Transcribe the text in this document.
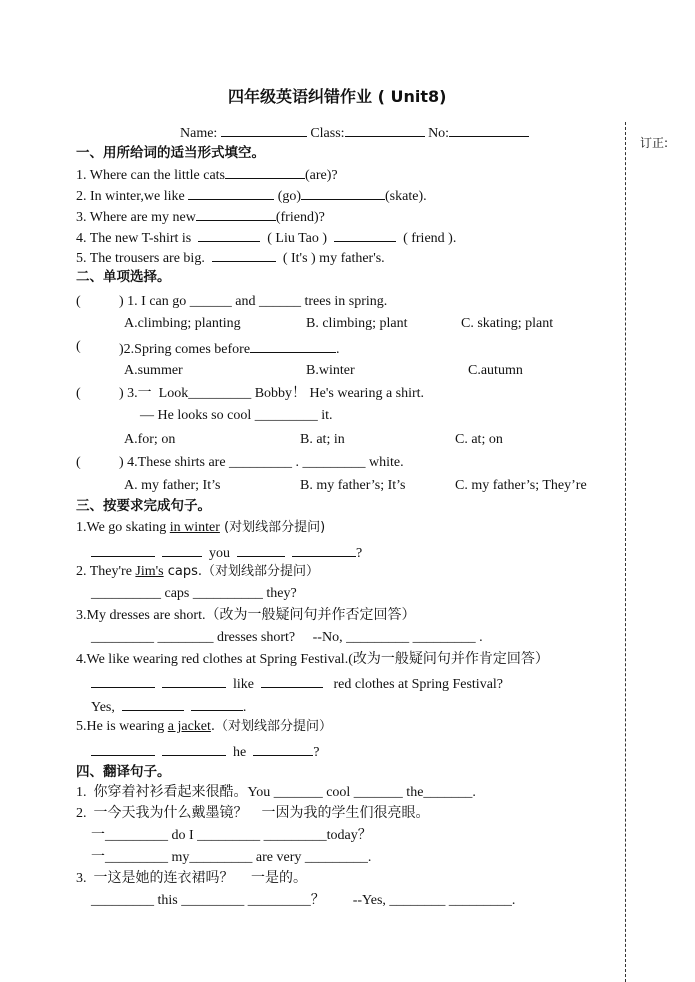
订正:
四年级英语纠错作业 ( Unit8)
Name:	Class:	No:
一、用所给词的适当形式填空。
1. Where can the little cats	(are)?
2. In winter,we like	(go)	(skate).
3. Where are my new	(friend)?
4. The new T-shirt is	( Liu Tao )	( friend ).
5. The trousers are big.	( It's ) my father's.
二、单项选择。
(	) 1. I can go ______ and ______ trees in spring.
A.climbing; planting	B. climbing; plant	C. skating; plant
(	)2.Spring comes before	.
A.summer	B.winter	C.autumn
(	) 3.一  Look_________ Bobby！ He's wearing a shirt.
— He looks so cool _________ it.
A.for; on	B. at; in	C. at; on
(	) 4.These shirts are _________ . _________ white.
A. my father; It’s	B. my father’s; It’s	C. my father’s; They’re
三、按要求完成句子。
1.We go skating in winter (对划线部分提问)
you	?
2. They're Jim's caps.（对划线部分提问）
__________ caps __________ they?
3.My dresses are short.（改为一般疑问句并作否定回答）
_________ ________ dresses short?     --No, _________ _________ .
4.We like wearing red clothes at Spring Festival.(改为一般疑问句并作肯定回答）
like	red clothes at Spring Festival?
Yes,	.
5.He is wearing a jacket.（对划线部分提问）
he	?
四、翻译句子。
1.  你穿着衬衫看起来很酷。You _______ cool _______ the_______.
2.  一今天我为什么戴墨镜？    一因为我的学生们很亮眼。
一_________ do I _________ _________today？
一_________ my_________ are very _________.
3.  一这是她的连衣裙吗？     一是的。
_________ this _________ _________？        --Yes, ________ _________.
